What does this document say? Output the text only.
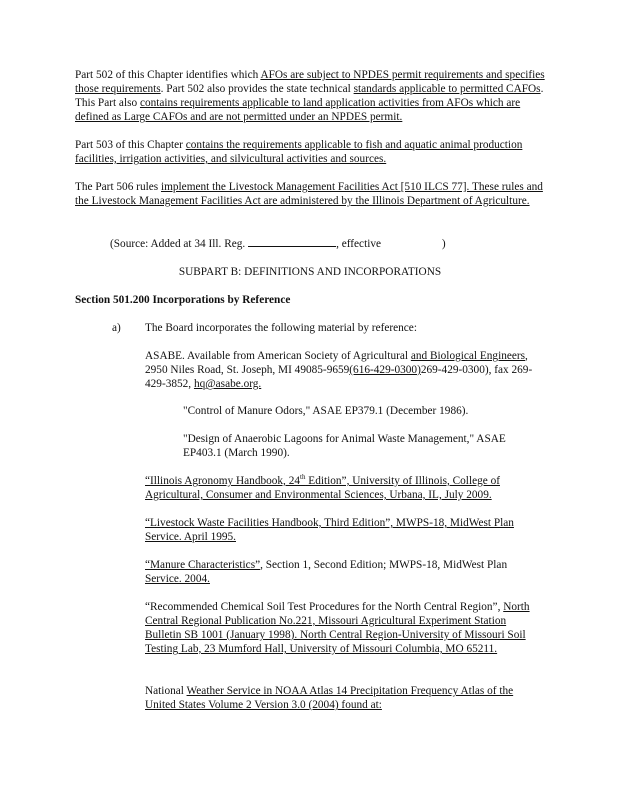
Part 502 of this Chapter identifies which AFOs are subject to NPDES permit requirements and specifies those requirements. Part 502 also provides the state technical standards applicable to permitted CAFOs. This Part also contains requirements applicable to land application activities from AFOs which are defined as Large CAFOs and are not permitted under an NPDES permit.

Part 503 of this Chapter contains the requirements applicable to fish and aquatic animal production facilities, irrigation activities, and silvicultural activities and sources.

The Part 506 rules implement the Livestock Management Facilities Act [510 ILCS 77]. These rules and the Livestock Management Facilities Act are administered by the Illinois Department of Agriculture.

(Source: Added at 34 Ill. Reg.	, effective	)

SUBPART B: DEFINITIONS AND INCORPORATIONS

Section 501.200 Incorporations by Reference

a)	The Board incorporates the following material by reference:

ASABE. Available from American Society of Agricultural and Biological Engineers, 2950 Niles Road, St. Joseph, MI 49085-9659(616-429-0300)269-429-0300), fax 269-429-3852, hq@asabe.org.

"Control of Manure Odors," ASAE EP379.1 (December 1986).

"Design of Anaerobic Lagoons for Animal Waste Management," ASAE EP403.1 (March 1990).

“Illinois Agronomy Handbook, 24th Edition”, University of Illinois, College of Agricultural, Consumer and Environmental Sciences, Urbana, IL, July 2009.

“Livestock Waste Facilities Handbook, Third Edition”, MWPS-18, MidWest Plan Service. April 1995.

“Manure Characteristics”, Section 1, Second Edition; MWPS-18, MidWest Plan Service. 2004.

“Recommended Chemical Soil Test Procedures for the North Central Region”, North Central Regional Publication No.221, Missouri Agricultural Experiment Station Bulletin SB 1001 (January 1998). North Central Region-University of Missouri Soil Testing Lab, 23 Mumford Hall, University of Missouri Columbia, MO 65211.

National Weather Service in NOAA Atlas 14 Precipitation Frequency Atlas of the United States Volume 2 Version 3.0 (2004) found at:
